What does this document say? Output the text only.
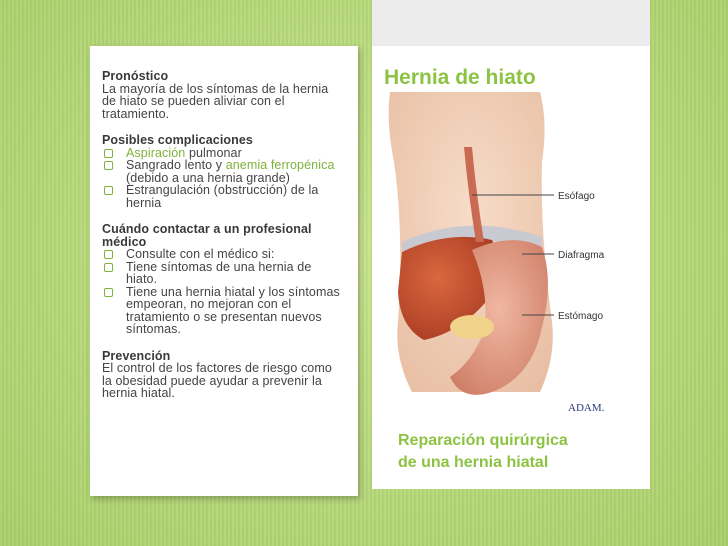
Pronóstico

La mayoría de los síntomas de la hernia de hiato se pueden aliviar con el tratamiento.

Posibles complicaciones
Aspiración pulmonar
Sangrado lento y anemia ferropénica (debido a una hernia grande)
Estrangulación (obstrucción) de la hernia
Cuándo contactar a un profesional médico
Consulte con el médico si:
Tiene síntomas de una hernia de hiato.
Tiene una hernia hiatal y los síntomas empeoran, no mejoran con el tratamiento o se presentan nuevos síntomas.
Prevención

El control de los factores de riesgo como la obesidad puede ayudar a prevenir la hernia hiatal.

Hernia de hiato
Esófago
Diafragma
Estómago
ADAM.
Reparación quirúrgica
de una hernia hiatal
